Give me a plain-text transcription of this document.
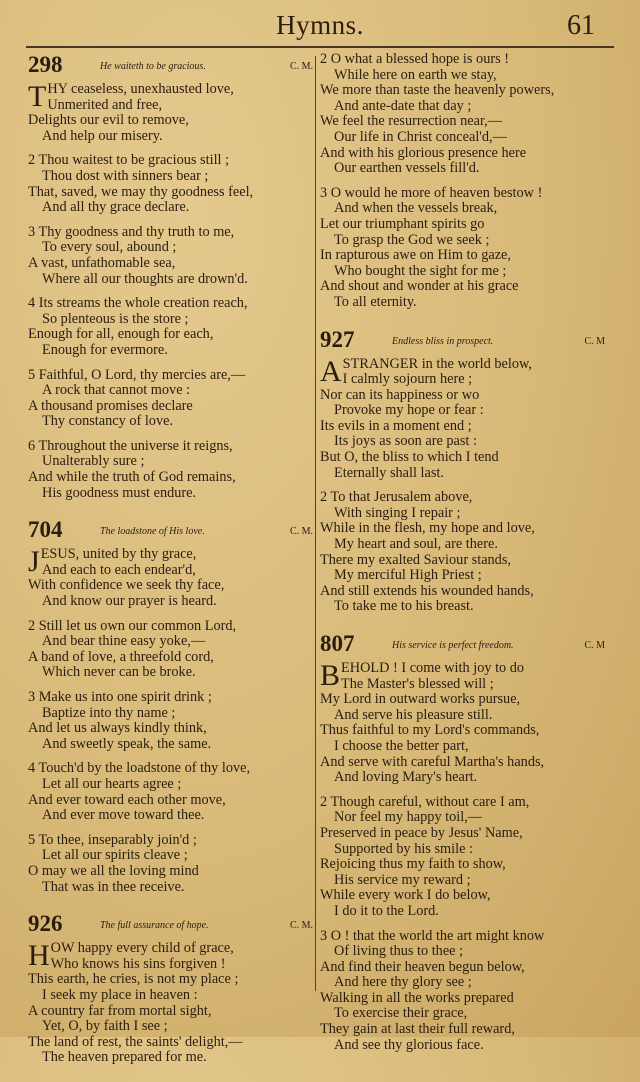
Hymns.	61
298	He waiteth to be gracious.	C. M.
THY ceaseless, unexhausted love,
Unmerited and free,
Delights our evil to remove,
And help our misery.
2 Thou waitest to be gracious still ;
Thou dost with sinners bear ;
That, saved, we may thy goodness feel,
And all thy grace declare.
3 Thy goodness and thy truth to me,
To every soul, abound ;
A vast, unfathomable sea,
Where all our thoughts are drown'd.
4 Its streams the whole creation reach,
So plenteous is the store ;
Enough for all, enough for each,
Enough for evermore.
5 Faithful, O Lord, thy mercies are,—
A rock that cannot move :
A thousand promises declare
Thy constancy of love.
6 Throughout the universe it reigns,
Unalterably sure ;
And while the truth of God remains,
His goodness must endure.
704	The loadstone of His love.	C. M.
JESUS, united by thy grace,
And each to each endear'd,
With confidence we seek thy face,
And know our prayer is heard.
2 Still let us own our common Lord,
And bear thine easy yoke,—
A band of love, a threefold cord,
Which never can be broke.
3 Make us into one spirit drink ;
Baptize into thy name ;
And let us always kindly think,
And sweetly speak, the same.
4 Touch'd by the loadstone of thy love,
Let all our hearts agree ;
And ever toward each other move,
And ever move toward thee.
5 To thee, inseparably join'd ;
Let all our spirits cleave ;
O may we all the loving mind
That was in thee receive.
926	The full assurance of hope.	C. M.
HOW happy every child of grace,
Who knows his sins forgiven !
This earth, he cries, is not my place ;
I seek my place in heaven :
A country far from mortal sight,
Yet, O, by faith I see ;
The land of rest, the saints' delight,—
The heaven prepared for me.
2 O what a blessed hope is ours !
While here on earth we stay,
We more than taste the heavenly powers,
And ante-date that day ;
We feel the resurrection near,—
Our life in Christ conceal'd,—
And with his glorious presence here
Our earthen vessels fill'd.
3 O would he more of heaven bestow !
And when the vessels break,
Let our triumphant spirits go
To grasp the God we seek ;
In rapturous awe on Him to gaze,
Who bought the sight for me ;
And shout and wonder at his grace
To all eternity.
927	Endless bliss in prospect.	C. M
ASTRANGER in the world below,
I calmly sojourn here ;
Nor can its happiness or wo
Provoke my hope or fear :
Its evils in a moment end ;
Its joys as soon are past :
But O, the bliss to which I tend
Eternally shall last.
2 To that Jerusalem above,
With singing I repair ;
While in the flesh, my hope and love,
My heart and soul, are there.
There my exalted Saviour stands,
My merciful High Priest ;
And still extends his wounded hands,
To take me to his breast.
807	His service is perfect freedom.	C. M
BEHOLD ! I come with joy to do
The Master's blessed will ;
My Lord in outward works pursue,
And serve his pleasure still.
Thus faithful to my Lord's commands,
I choose the better part,
And serve with careful Martha's hands,
And loving Mary's heart.
2 Though careful, without care I am,
Nor feel my happy toil,—
Preserved in peace by Jesus' Name,
Supported by his smile :
Rejoicing thus my faith to show,
His service my reward ;
While every work I do below,
I do it to the Lord.
3 O ! that the world the art might know
Of living thus to thee ;
And find their heaven begun below,
And here thy glory see ;
Walking in all the works prepared
To exercise their grace,
They gain at last their full reward,
And see thy glorious face.
